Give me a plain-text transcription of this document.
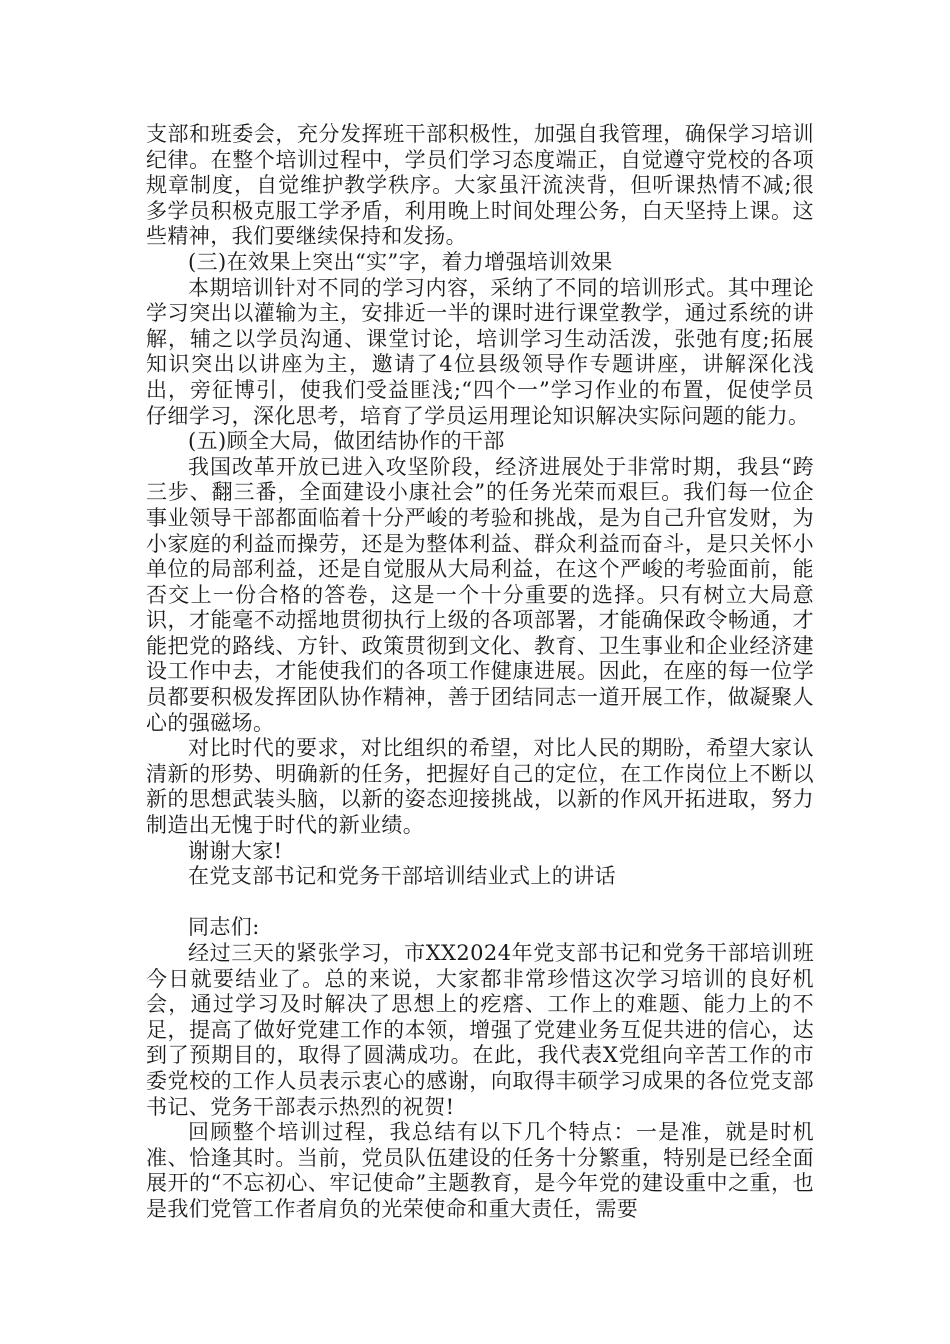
支部和班委会，充分发挥班干部积极性，加强自我管理，确保学习培训纪律。在整个培训过程中，学员们学习态度端正，自觉遵守党校的各项规章制度，自觉维护教学秩序。大家虽汗流浃背，但听课热情不减;很多学员积极克服工学矛盾，利用晚上时间处理公务，白天坚持上课。这些精神，我们要继续保持和发扬。

(三)在效果上突出“实”字，着力增强培训效果

本期培训针对不同的学习内容，采纳了不同的培训形式。其中理论学习突出以灌输为主，安排近一半的课时进行课堂教学，通过系统的讲解，辅之以学员沟通、课堂讨论，培训学习生动活泼，张弛有度;拓展知识突出以讲座为主，邀请了4位县级领导作专题讲座，讲解深化浅出，旁征博引，使我们受益匪浅;“四个一”学习作业的布置，促使学员仔细学习，深化思考，培育了学员运用理论知识解决实际问题的能力。

(五)顾全大局，做团结协作的干部

我国改革开放已进入攻坚阶段，经济进展处于非常时期，我县“跨三步、翻三番，全面建设小康社会”的任务光荣而艰巨。我们每一位企事业领导干部都面临着十分严峻的考验和挑战，是为自己升官发财，为小家庭的利益而操劳，还是为整体利益、群众利益而奋斗，是只关怀小单位的局部利益，还是自觉服从大局利益，在这个严峻的考验面前，能否交上一份合格的答卷，这是一个十分重要的选择。只有树立大局意识，才能毫不动摇地贯彻执行上级的各项部署，才能确保政令畅通，才能把党的路线、方针、政策贯彻到文化、教育、卫生事业和企业经济建设工作中去，才能使我们的各项工作健康进展。因此，在座的每一位学员都要积极发挥团队协作精神，善于团结同志一道开展工作，做凝聚人心的强磁场。

对比时代的要求，对比组织的希望，对比人民的期盼，希望大家认清新的形势、明确新的任务，把握好自己的定位，在工作岗位上不断以新的思想武装头脑，以新的姿态迎接挑战，以新的作风开拓进取，努力制造出无愧于时代的新业绩。

谢谢大家!

在党支部书记和党务干部培训结业式上的讲话

同志们:

经过三天的紧张学习，市XX2024年党支部书记和党务干部培训班今日就要结业了。总的来说，大家都非常珍惜这次学习培训的良好机会，通过学习及时解决了思想上的疙瘩、工作上的难题、能力上的不足，提高了做好党建工作的本领，增强了党建业务互促共进的信心，达到了预期目的，取得了圆满成功。在此，我代表X党组向辛苦工作的市委党校的工作人员表示衷心的感谢，向取得丰硕学习成果的各位党支部书记、党务干部表示热烈的祝贺!

回顾整个培训过程，我总结有以下几个特点：一是准，就是时机准、恰逢其时。当前，党员队伍建设的任务十分繁重，特别是已经全面展开的“不忘初心、牢记使命”主题教育，是今年党的建设重中之重，也是我们党管工作者肩负的光荣使命和重大责任，需要
